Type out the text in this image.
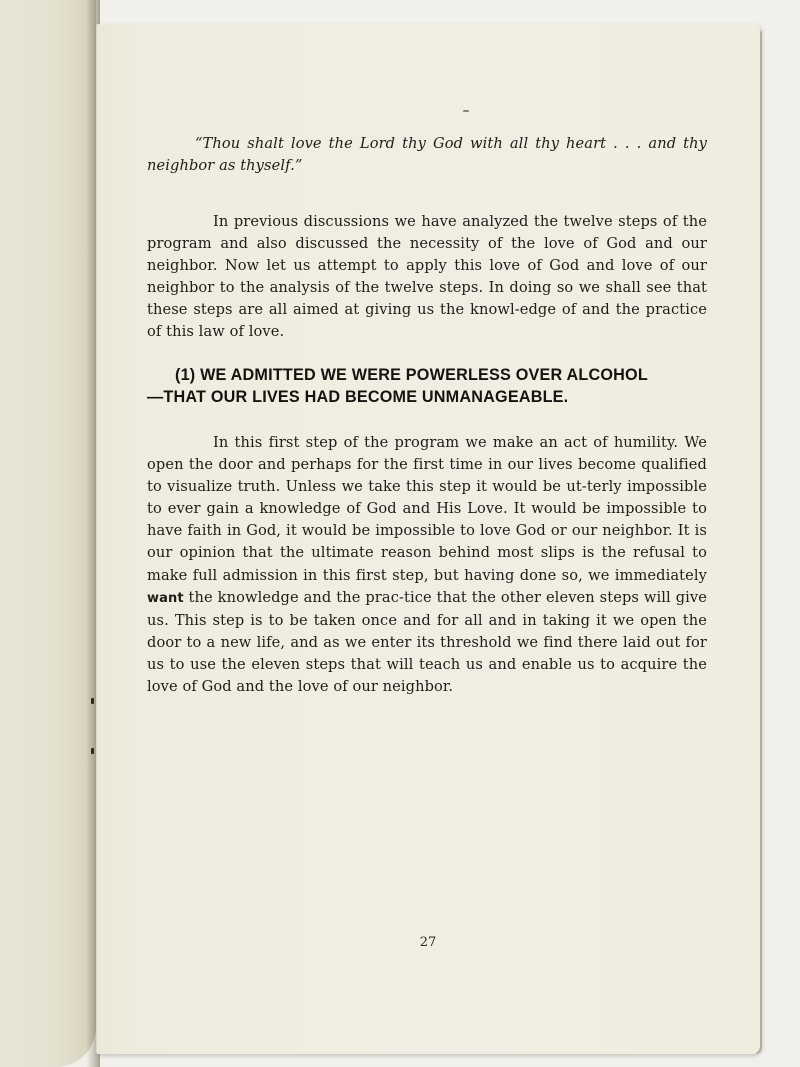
“Thou shalt love the Lord thy God with all thy heart . . . and thy neighbor as thyself.”
In previous discussions we have analyzed the twelve steps of the program and also discussed the necessity of the love of God and our neighbor. Now let us attempt to apply this love of God and love of our neighbor to the analysis of the twelve steps. In doing so we shall see that these steps are all aimed at giving us the knowl-edge of and the practice of this law of love.
(1) WE ADMITTED WE WERE POWERLESS OVER ALCOHOL
—THAT OUR LIVES HAD BECOME UNMANAGEABLE.
In this first step of the program we make an act of humility. We open the door and perhaps for the first time in our lives become qualified to visualize truth. Unless we take this step it would be ut-terly impossible to ever gain a knowledge of God and His Love. It would be impossible to have faith in God, it would be impossible to love God or our neighbor. It is our opinion that the ultimate reason behind most slips is the refusal to make full admission in this first step, but having done so, we immediately want the knowledge and the prac-tice that the other eleven steps will give us. This step is to be taken once and for all and in taking it we open the door to a new life, and as we enter its threshold we find there laid out for us to use the eleven steps that will teach us and enable us to acquire the love of God and the love of our neighbor.
27
